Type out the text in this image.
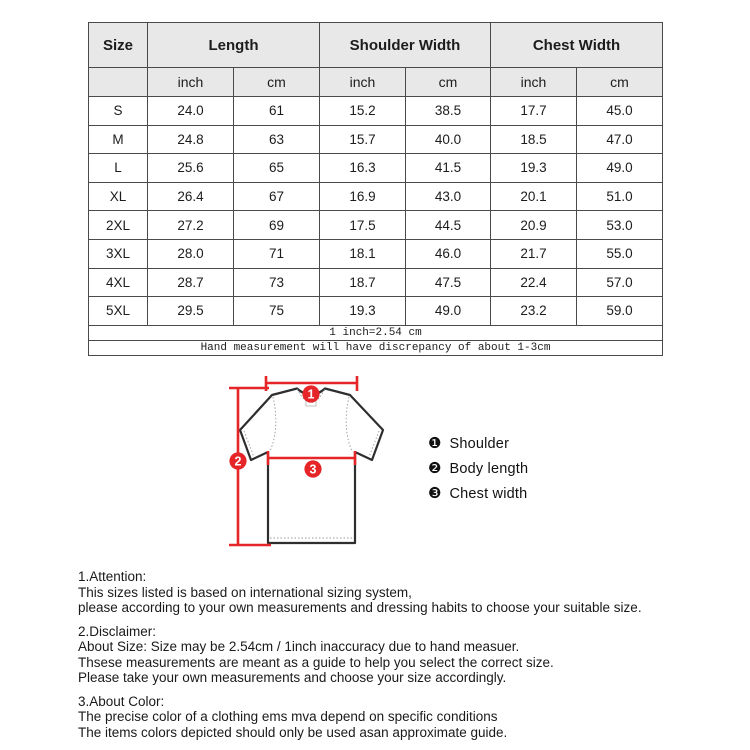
Size	Length		Shoulder Width		Chest Width	
	inch	cm	inch	cm	inch	cm
S	24.0	61	15.2	38.5	17.7	45.0
M	24.8	63	15.7	40.0	18.5	47.0
L	25.6	65	16.3	41.5	19.3	49.0
XL	26.4	67	16.9	43.0	20.1	51.0
2XL	27.2	69	17.5	44.5	20.9	53.0
3XL	28.0	71	18.1	46.0	21.7	55.0
4XL	28.7	73	18.7	47.5	22.4	57.0
5XL	29.5	75	19.3	49.0	23.2	59.0
1 inch=2.54 cm						
Hand measurement will have discrepancy of about 1-3cm						
1
2
3
❶ Shoulder
❷ Body length
❸ Chest width
1.Attention:
This sizes listed is based on international sizing system,
please according to your own measurements and dressing habits to choose your suitable size.
2.Disclaimer:
About Size: Size may be 2.54cm / 1inch inaccuracy due to hand measuer.
Thsese measurements are meant as a guide to help you select the correct size.
Please take your own measurements and choose your size accordingly.
3.About Color:
The precise color of a clothing ems mva depend on specific conditions
The items colors depicted should only be used asan approximate guide.
